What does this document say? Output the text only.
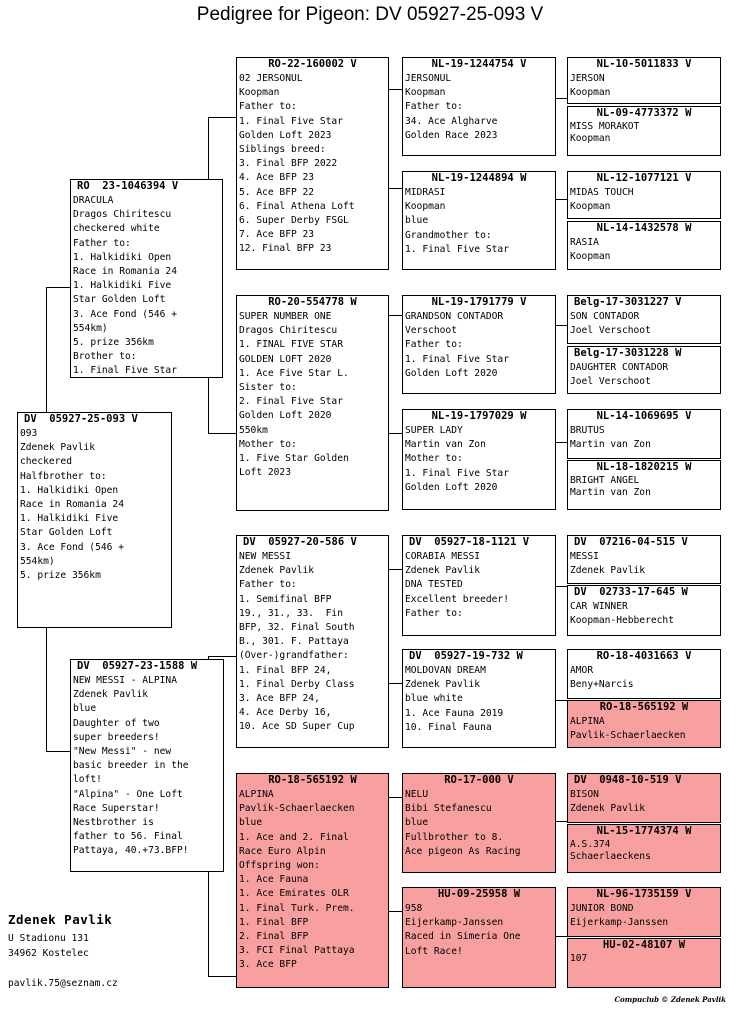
Pedigree for Pigeon: DV 05927-25-093 V
DV  05927-25-093 V
093
Zdenek Pavlik
checkered
Halfbrother to:
1. Halkidiki Open
Race in Romania 24
1. Halkidiki Five
Star Golden Loft
3. Ace Fond (546 +
554km)
5. prize 356km
RO  23-1046394 V
DRACULA
Dragos Chiritescu
checkered white
Father to:
1. Halkidiki Open
Race in Romania 24
1. Halkidiki Five
Star Golden Loft
3. Ace Fond (546 +
554km)
5. prize 356km
Brother to:
1. Final Five Star
DV  05927-23-1588 W
NEW MESSI - ALPINA
Zdenek Pavlik
blue
Daughter of two
super breeders!
"New Messi" - new
basic breeder in the
loft!
"Alpina" - One Loft
Race Superstar!
Nestbrother is
father to 56. Final
Pattaya, 40.+73.BFP!
RO-22-160002 V
02 JERSONUL
Koopman
Father to:
1. Final Five Star
Golden Loft 2023
Siblings breed:
3. Final BFP 2022
4. Ace BFP 23
5. Ace BFP 22
6. Final Athena Loft
6. Super Derby FSGL
7. Ace BFP 23
12. Final BFP 23
RO-20-554778 W
SUPER NUMBER ONE
Dragos Chiritescu
1. FINAL FIVE STAR
GOLDEN LOFT 2020
1. Ace Five Star L.
Sister to:
2. Final Five Star
Golden Loft 2020
550km
Mother to:
1. Five Star Golden
Loft 2023
DV  05927-20-586 V
NEW MESSI
Zdenek Pavlik
Father to:
1. Semifinal BFP
19., 31., 33.  Fin
BFP, 32. Final South
B., 301. F. Pattaya
(Over-)grandfather:
1. Final BFP 24,
1. Final Derby Class
3. Ace BFP 24,
4. Ace Derby 16,
10. Ace SD Super Cup
RO-18-565192 W
ALPINA
Pavlik-Schaerlaecken
blue
1. Ace and 2. Final
Race Euro Alpin
Offspring won:
1. Ace Fauna
1. Ace Emirates OLR
1. Final Turk. Prem.
1. Final BFP
2. Final BFP
3. FCI Final Pattaya
3. Ace BFP
NL-19-1244754 V
JERSONUL
Koopman
Father to:
34. Ace Algharve
Golden Race 2023
NL-19-1244894 W
MIDRASI
Koopman
blue
Grandmother to:
1. Final Five Star
NL-19-1791779 V
GRANDSON CONTADOR
Verschoot
Father to:
1. Final Five Star
Golden Loft 2020
NL-19-1797029 W
SUPER LADY
Martin van Zon
Mother to:
1. Final Five Star
Golden Loft 2020
DV  05927-18-1121 V
CORABIA MESSI
Zdenek Pavlik
DNA TESTED
Excellent breeder!
Father to:
DV  05927-19-732 W
MOLDOVAN DREAM
Zdenek Pavlik
blue white
1. Ace Fauna 2019
10. Final Fauna
RO-17-000 V
NELU
Bibi Stefanescu
blue
Fullbrother to 8.
Ace pigeon As Racing
HU-09-25958 W
958
Eijerkamp-Janssen
Raced in Simeria One
Loft Race!
NL-10-5011833 V
JERSON
Koopman
NL-09-4773372 W
MISS MORAKOT
Koopman
NL-12-1077121 V
MIDAS TOUCH
Koopman
NL-14-1432578 W
RASIA
Koopman
Belg-17-3031227 V
SON CONTADOR
Joel Verschoot
Belg-17-3031228 W
DAUGHTER CONTADOR
Joel Verschoot
NL-14-1069695 V
BRUTUS
Martin van Zon
NL-18-1820215 W
BRIGHT ANGEL
Martin van Zon
DV  07216-04-515 V
MESSI
Zdenek Pavlik
DV  02733-17-645 W
CAR WINNER
Koopman-Hebberecht
RO-18-4031663 V
AMOR
Beny+Narcis
RO-18-565192 W
ALPINA
Pavlik-Schaerlaecken
DV  0948-10-519 V
BISON
Zdenek Pavlik
NL-15-1774374 W
A.S.374
Schaerlaeckens
NL-96-1735159 V
JUNIOR BOND
Eijerkamp-Janssen
HU-02-48107 W
107
Zdenek Pavlik
U Stadionu 131
34962 Kostelec
pavlik.75@seznam.cz
Compuclub © Zdenek Pavlik
